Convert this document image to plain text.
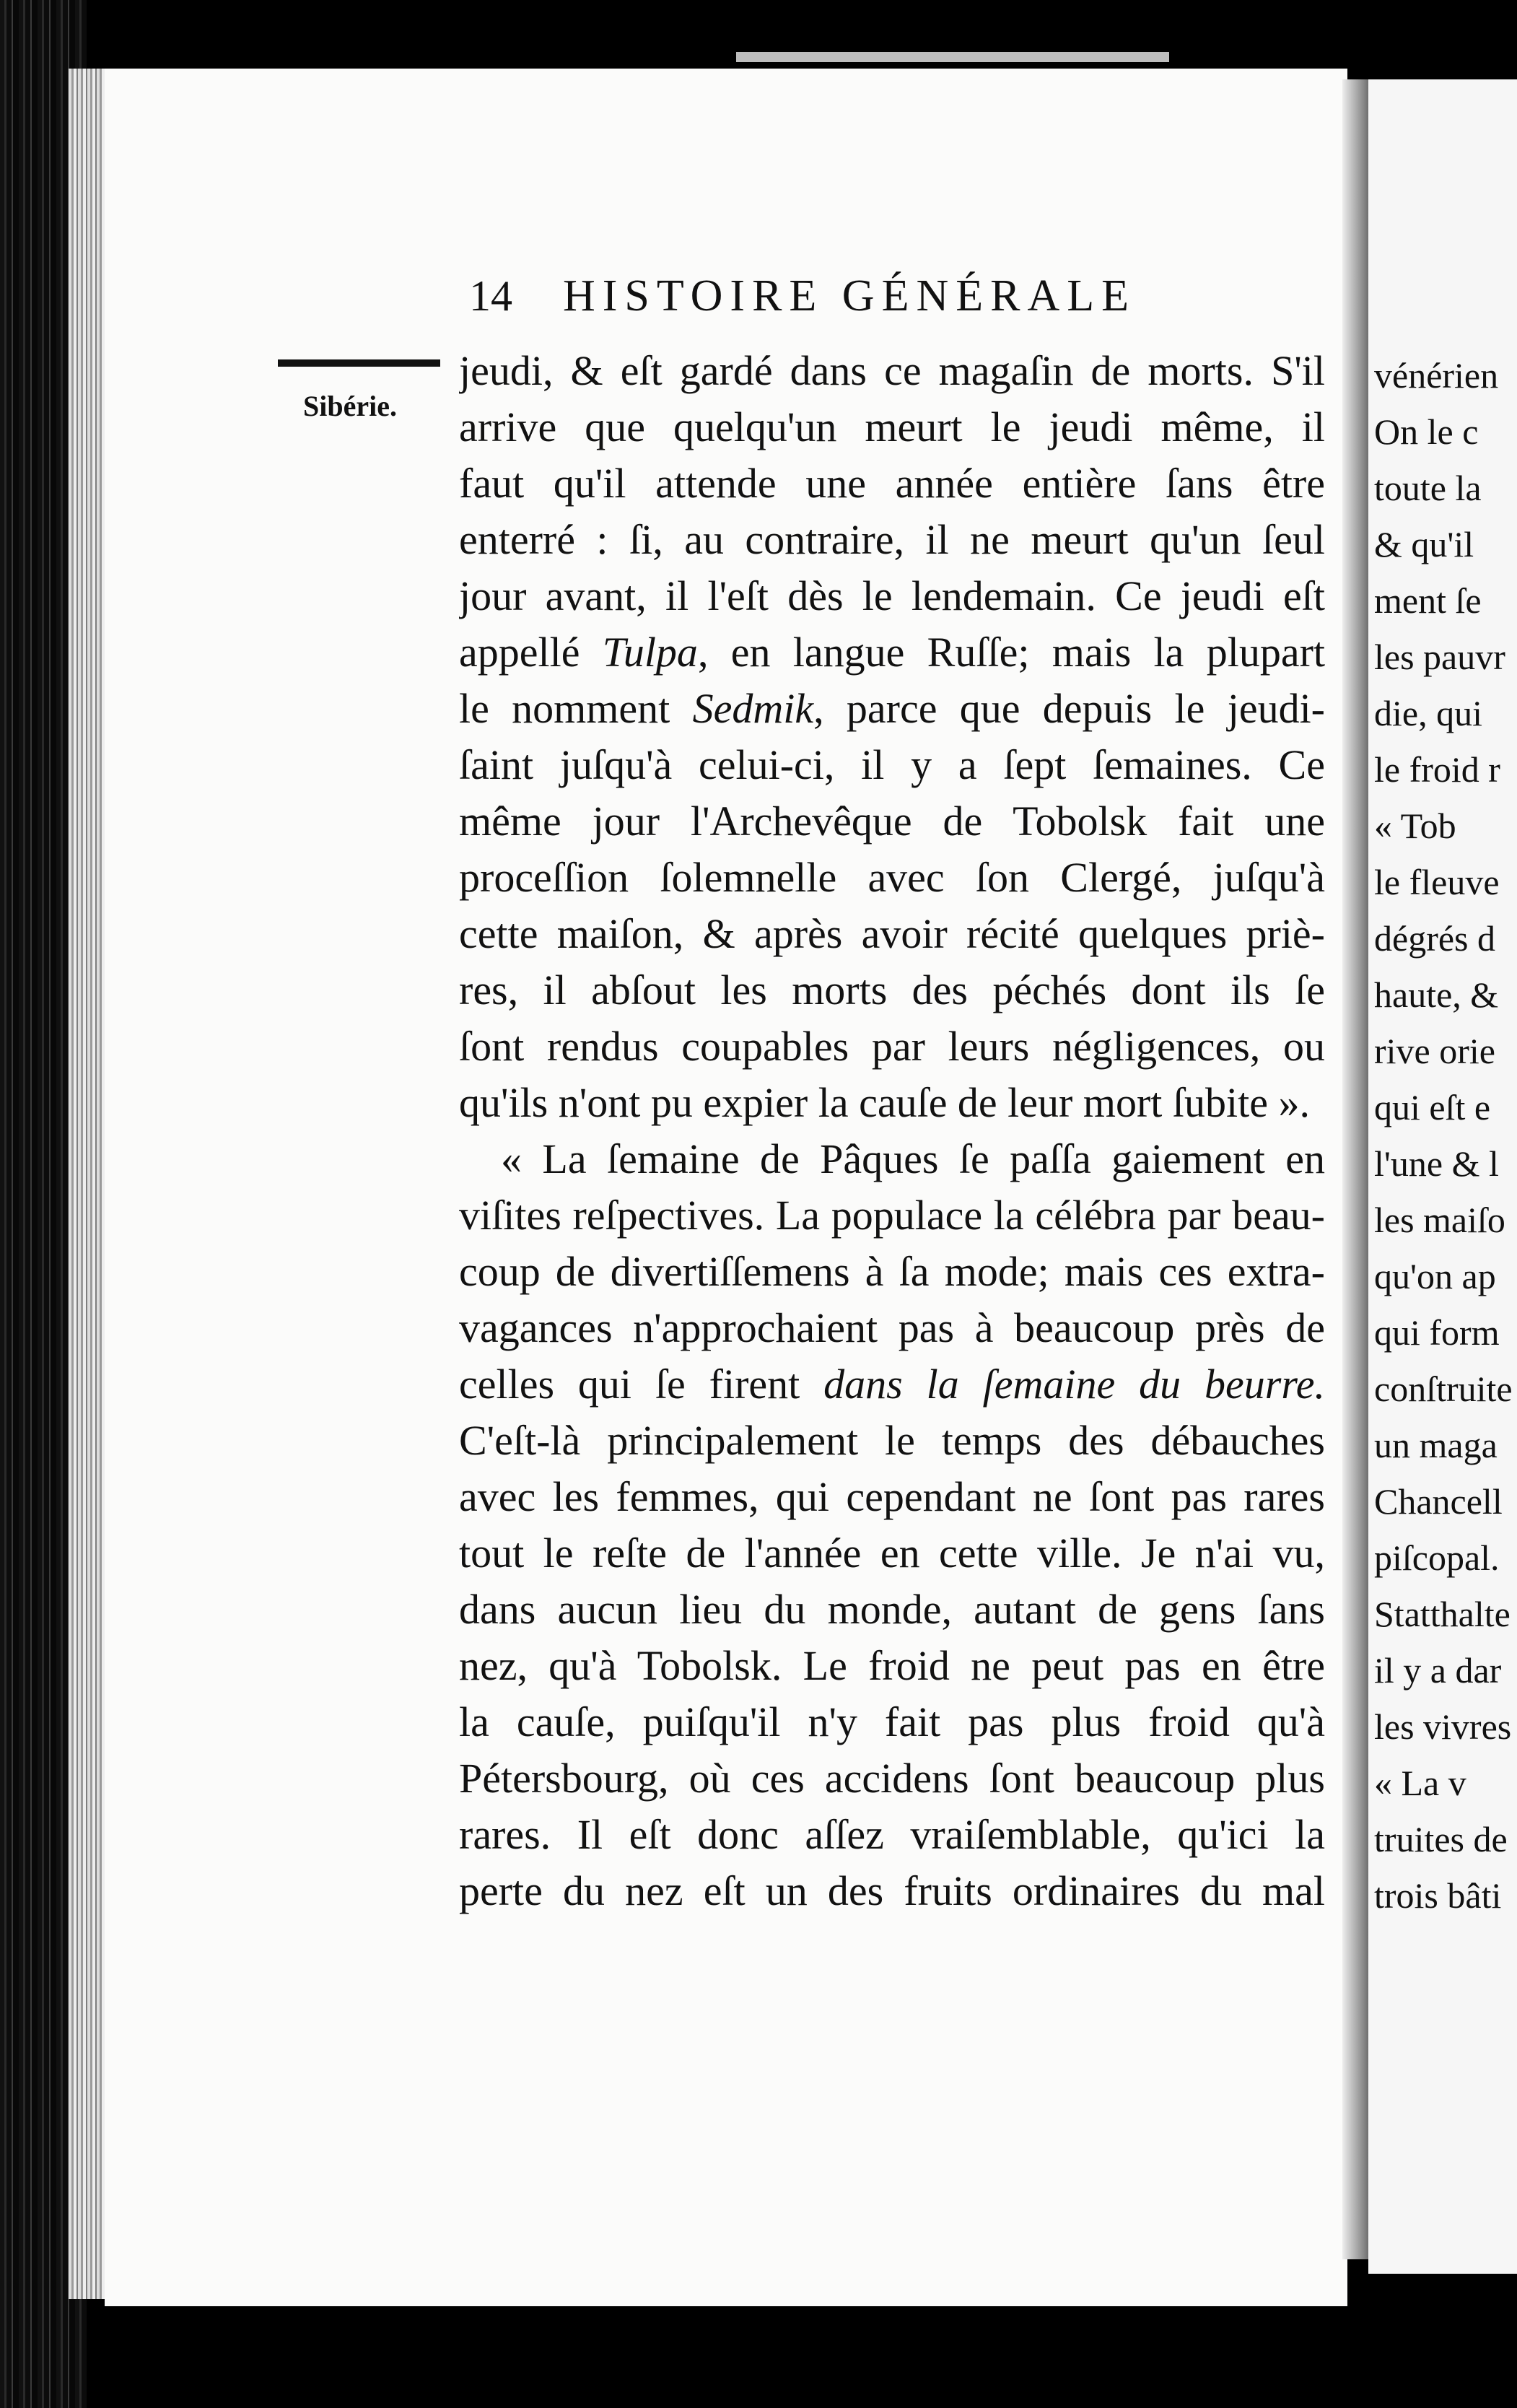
vénérien
On le c
toute la
& qu'il
ment ſe
les pauvr
die, qui
le froid r
« Tob
le fleuve
dégrés d
haute, &
rive orie
qui eſt e
l'une & l
les maiſo
qu'on ap
qui form
conſtruite
un maga
Chancell
piſcopal.
Statthalte
il y a dar
les vivres
« La v
truites de
trois bâti
14 HISTOIRE GÉNÉRALE
Sibérie.
jeudi, & eſt gardé dans ce magaſin de morts. S'il
arrive que quelqu'un meurt le jeudi même, il
faut qu'il attende une année entière ſans être
enterré : ſi, au contraire, il ne meurt qu'un ſeul
jour avant, il l'eſt dès le lendemain. Ce jeudi eſt
appellé Tulpa, en langue Ruſſe; mais la plupart
le nomment Sedmik, parce que depuis le jeudi-
ſaint juſqu'à celui-ci, il y a ſept ſemaines. Ce
même jour l'Archevêque de Tobolsk fait une
proceſſion ſolemnelle avec ſon Clergé, juſqu'à
cette maiſon, & après avoir récité quelques priè-
res, il abſout les morts des péchés dont ils ſe
ſont rendus coupables par leurs négligences, ou
qu'ils n'ont pu expier la cauſe de leur mort ſubite ».
« La ſemaine de Pâques ſe paſſa gaiement en
viſites reſpectives. La populace la célébra par beau-
coup de divertiſſemens à ſa mode; mais ces extra-
vagances n'approchaient pas à beaucoup près de
celles qui ſe firent dans la ſemaine du beurre.
C'eſt-là principalement le temps des débauches
avec les femmes, qui cependant ne ſont pas rares
tout le reſte de l'année en cette ville. Je n'ai vu,
dans aucun lieu du monde, autant de gens ſans
nez, qu'à Tobolsk. Le froid ne peut pas en être
la cauſe, puiſqu'il n'y fait pas plus froid qu'à
Pétersbourg, où ces accidens ſont beaucoup plus
rares. Il eſt donc aſſez vraiſemblable, qu'ici la
perte du nez eſt un des fruits ordinaires du mal
